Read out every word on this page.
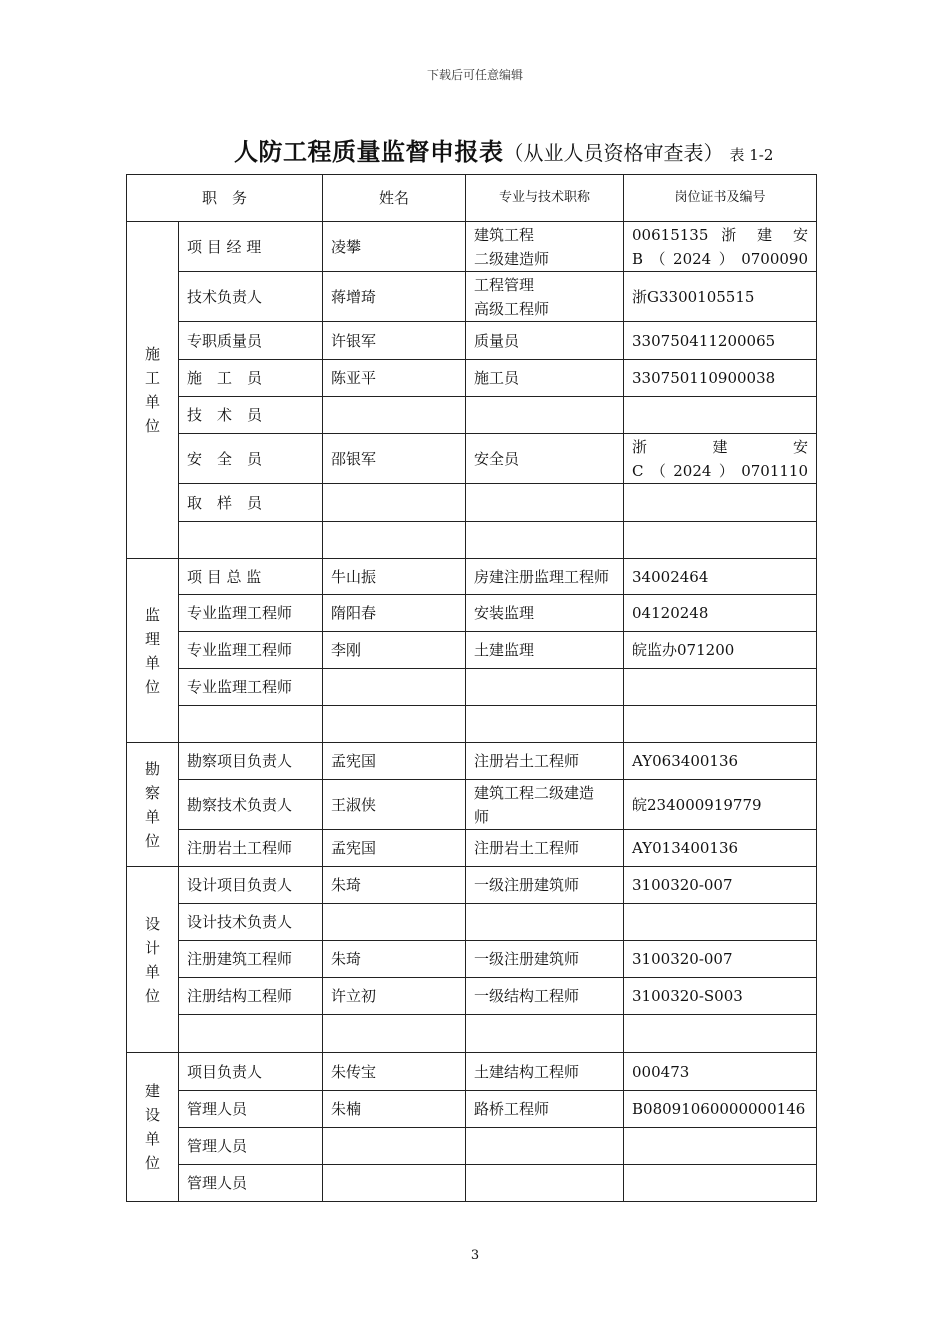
下载后可任意编辑
人防工程质量监督申报表（从业人员资格审查表） 表 1-2
职　务		姓名	专业与技术职称	岗位证书及编号

施
工
单
位	项 目 经 理	凌攀	建筑工程
二级建造师	00615135 浙 建 安
B（2024）0700090
	技术负责人	蒋增琦	工程管理
高级工程师	浙G3300105515
	专职质量员	许银军	质量员	330750411200065
	施　工　员	陈亚平	施工员	330750110900038
	技　术　员			
	安　全　员	邵银军	安全员	浙 建 安
C（2024）0701110
	取　样　员			

监
理
单
位	项 目 总 监	牛山振	房建注册监理工程师	34002464
	专业监理工程师	隋阳春	安装监理	04120248
	专业监理工程师	李刚	土建监理	皖监办071200
	专业监理工程师			

勘
察
单
位	勘察项目负责人	孟宪国	注册岩土工程师	AY063400136
	勘察技术负责人	王淑侠	建筑工程二级建造
师	皖234000919779
	注册岩土工程师	孟宪国	注册岩土工程师	AY013400136

设
计
单
位	设计项目负责人	朱琦	一级注册建筑师	3100320-007
	设计技术负责人			
	注册建筑工程师	朱琦	一级注册建筑师	3100320-007
	注册结构工程师	许立初	一级结构工程师	3100320-S003

建
设
单
位	项目负责人	朱传宝	土建结构工程师	000473
	管理人员	朱楠	路桥工程师	B08091060000000146
	管理人员			
	管理人员			
3
